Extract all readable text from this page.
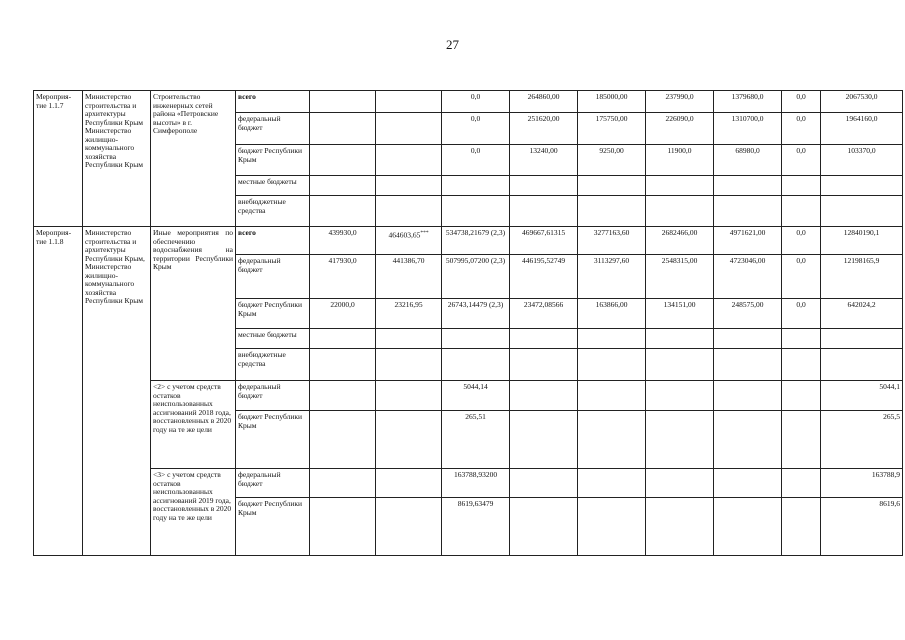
27
Мероприя-тие 1.1.7	Министерство строительства и архитектуры Республики Крым Министерство жилищно-коммунального хозяйства Республики Крым	Строительство инженерных сетей района «Петровские высоты» в г. Симферополе	всего			0,0	264860,00	185000,00	237990,0	1379680,0	0,0	2067530,0
			федеральный бюджет			0,0	251620,00	175750,00	226090,0	1310700,0	0,0	1964160,0
			бюджет Республики Крым			0,0	13240,00	9250,00	11900,0	68980,0	0,0	103370,0
			местные бюджеты									
			внебюджетные средства									
Мероприя-тие 1.1.8	Министерство строительства и архитектуры Республики Крым, Министерство жилищно-коммунального хозяйства Республики Крым	Иные мероприятия по обеспечению водоснабжения на территории Республики Крым	всего	439930,0	464603,65***	534738,21679 (2,3)	469667,61315	3277163,60	2682466,00	4971621,00	0,0	12840190,1
			федеральный бюджет	417930,0	441386,70	507995,07200 (2,3)	446195,52749	3113297,60	2548315,00	4723046,00	0,0	12198165,9
			бюджет Республики Крым	22000,0	23216,95	26743,14479 (2,3)	23472,08566	163866,00	134151,00	248575,00	0,0	642024,2
			местные бюджеты									
			внебюджетные средства									
		<2> с учетом средств остатков неиспользованных ассигнований 2018 года, восстановленных в 2020 году на те же цели	федеральный бюджет			5044,14						5044,1
			бюджет Республики Крым			265,51						265,5
		<3> с учетом средств остатков неиспользованных ассигнований 2019 года, восстановленных в 2020 году на те же цели	федеральный бюджет			163788,93200						163788,9
			бюджет Республики Крым			8619,63479						8619,6
